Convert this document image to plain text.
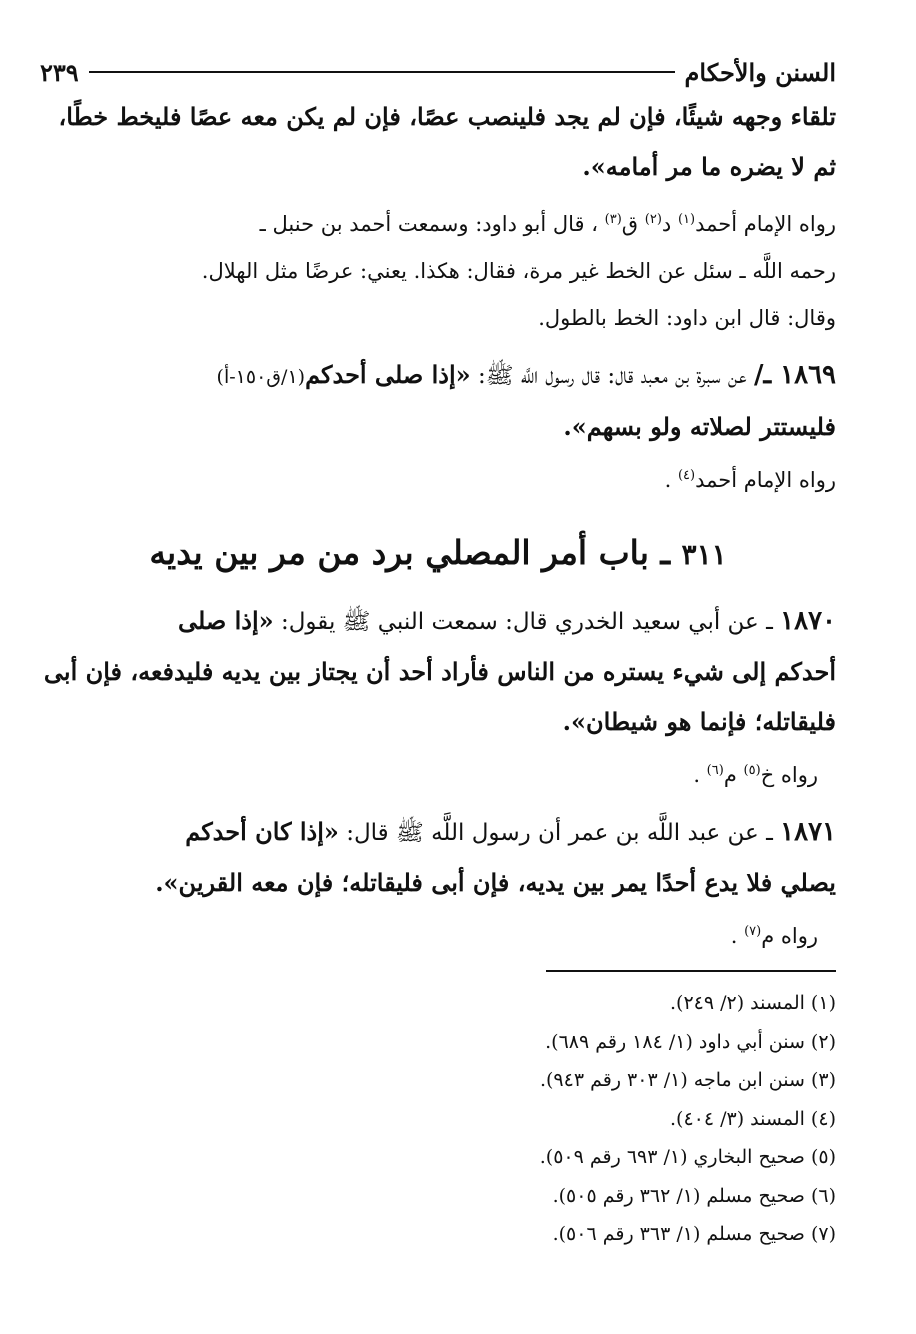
السنن والأحكام
٢٣٩

تلقاء وجهه شيئًا، فإن لم يجد فلينصب عصًا، فإن لم يكن معه عصًا فليخط خطًا،

ثم لا يضره ما مر أمامه».

رواه الإمام أحمد$^{(١)}$ د$^{(٢)}$ ق$^{(٣)}$ ، قال أبو داود: وسمعت أحمد بن حنبل ـ

رحمه اللَّه ـ سئل عن الخط غير مرة، فقال: هكذا. يعني: عرضًا مثل الهلال.

وقال: قال ابن داود: الخط بالطول.

١٨٦٩ ـ/ عن سبرة بن معبد قال: قال رسول اللَّه ﷺ: «إذا صلى أحدكم(١/ق١٥٠-أ)

فليستتر لصلاته ولو بسهم».

رواه الإمام أحمد$^{(٤)}$ .

٣١١ ـ باب أمر المصلي برد من مر بين يديه

١٨٧٠ ـ عن أبي سعيد الخدري قال: سمعت النبي ﷺ يقول: «إذا صلى

أحدكم إلى شيء يستره من الناس فأراد أحد أن يجتاز بين يديه فليدفعه، فإن أبى

فليقاتله؛ فإنما هو شيطان».

رواه خ$^{(٥)}$ م$^{(٦)}$ .

١٨٧١ ـ عن عبد اللَّه بن عمر أن رسول اللَّه ﷺ قال: «إذا كان أحدكم

يصلي فلا يدع أحدًا يمر بين يديه، فإن أبى فليقاتله؛ فإن معه القرين».

رواه م$^{(٧)}$ .

(١) المسند (٢/ ٢٤٩).

(٢) سنن أبي داود (١/ ١٨٤ رقم ٦٨٩).

(٣) سنن ابن ماجه (١/ ٣٠٣ رقم ٩٤٣).

(٤) المسند (٣/ ٤٠٤).

(٥) صحيح البخاري (١/ ٦٩٣ رقم ٥٠٩).

(٦) صحيح مسلم (١/ ٣٦٢ رقم ٥٠٥).

(٧) صحيح مسلم (١/ ٣٦٣ رقم ٥٠٦).
